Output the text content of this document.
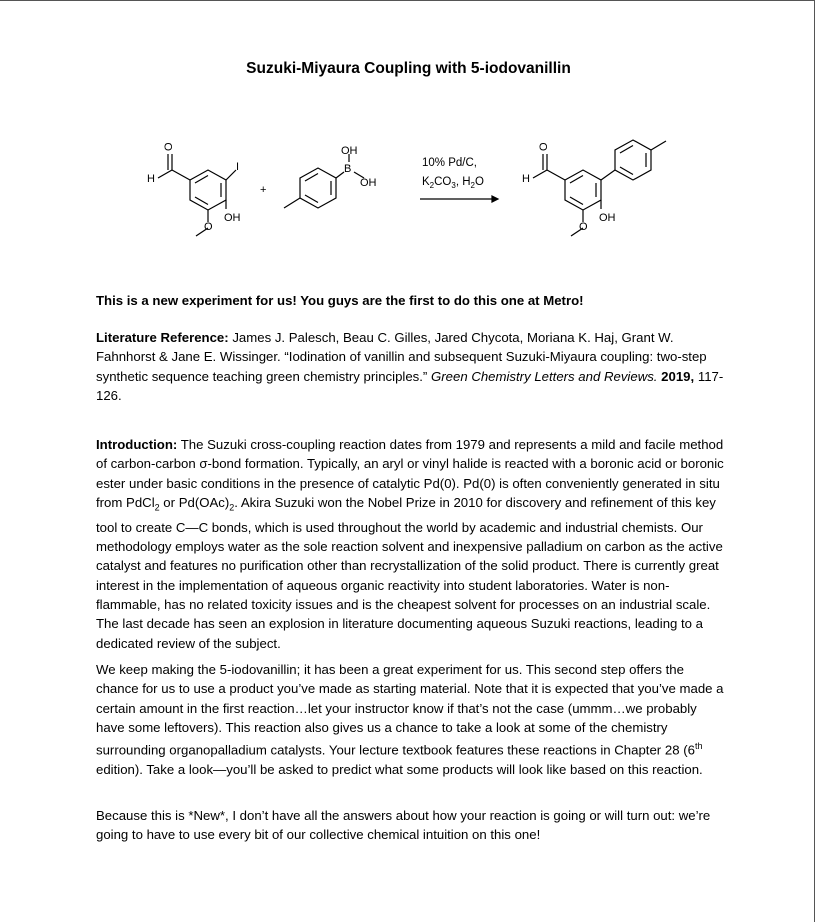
Suzuki-Miyaura Coupling with 5-iodovanillin
O
H
I
OH
O
+
OH
B
OH
10% Pd/C,
$K_2CO_3$, $H_2O$
O
H
OH
O
This is a new experiment for us! You guys are the first to do this one at Metro!
Literature Reference: James J. Palesch, Beau C. Gilles, Jared Chycota, Moriana K. Haj, Grant W. Fahnhorst & Jane E. Wissinger. “Iodination of vanillin and subsequent Suzuki-Miyaura coupling: two-step synthetic sequence teaching green chemistry principles.” Green Chemistry Letters and Reviews. 2019, 117-126.
Introduction: The Suzuki cross-coupling reaction dates from 1979 and represents a mild and facile method of carbon-carbon σ-bond formation. Typically, an aryl or vinyl halide is reacted with a boronic acid or boronic ester under basic conditions in the presence of catalytic Pd(0). Pd(0) is often conveniently generated in situ from PdCl$_2$ or $Pd(OAc)_2$. Akira Suzuki won the Nobel Prize in 2010 for discovery and refinement of this key tool to create C—C bonds, which is used throughout the world by academic and industrial chemists. Our methodology employs water as the sole reaction solvent and inexpensive palladium on carbon as the active catalyst and features no purification other than recrystallization of the solid product. There is currently great interest in the implementation of aqueous organic reactivity into student laboratories. Water is non-flammable, has no related toxicity issues and is the cheapest solvent for processes on an industrial scale. The last decade has seen an explosion in literature documenting aqueous Suzuki reactions, leading to a dedicated review of the subject.
We keep making the 5-iodovanillin; it has been a great experiment for us. This second step offers the chance for us to use a product you’ve made as starting material. Note that it is expected that you’ve made a certain amount in the first reaction…let your instructor know if that’s not the case (ummm…we probably have some leftovers). This reaction also gives us a chance to take a look at some of the chemistry surrounding organopalladium catalysts. Your lecture textbook features these reactions in Chapter 28 (6th edition). Take a look—you’ll be asked to predict what some products will look like based on this reaction.
Because this is *New*, I don’t have all the answers about how your reaction is going or will turn out: we’re going to have to use every bit of our collective chemical intuition on this one!
